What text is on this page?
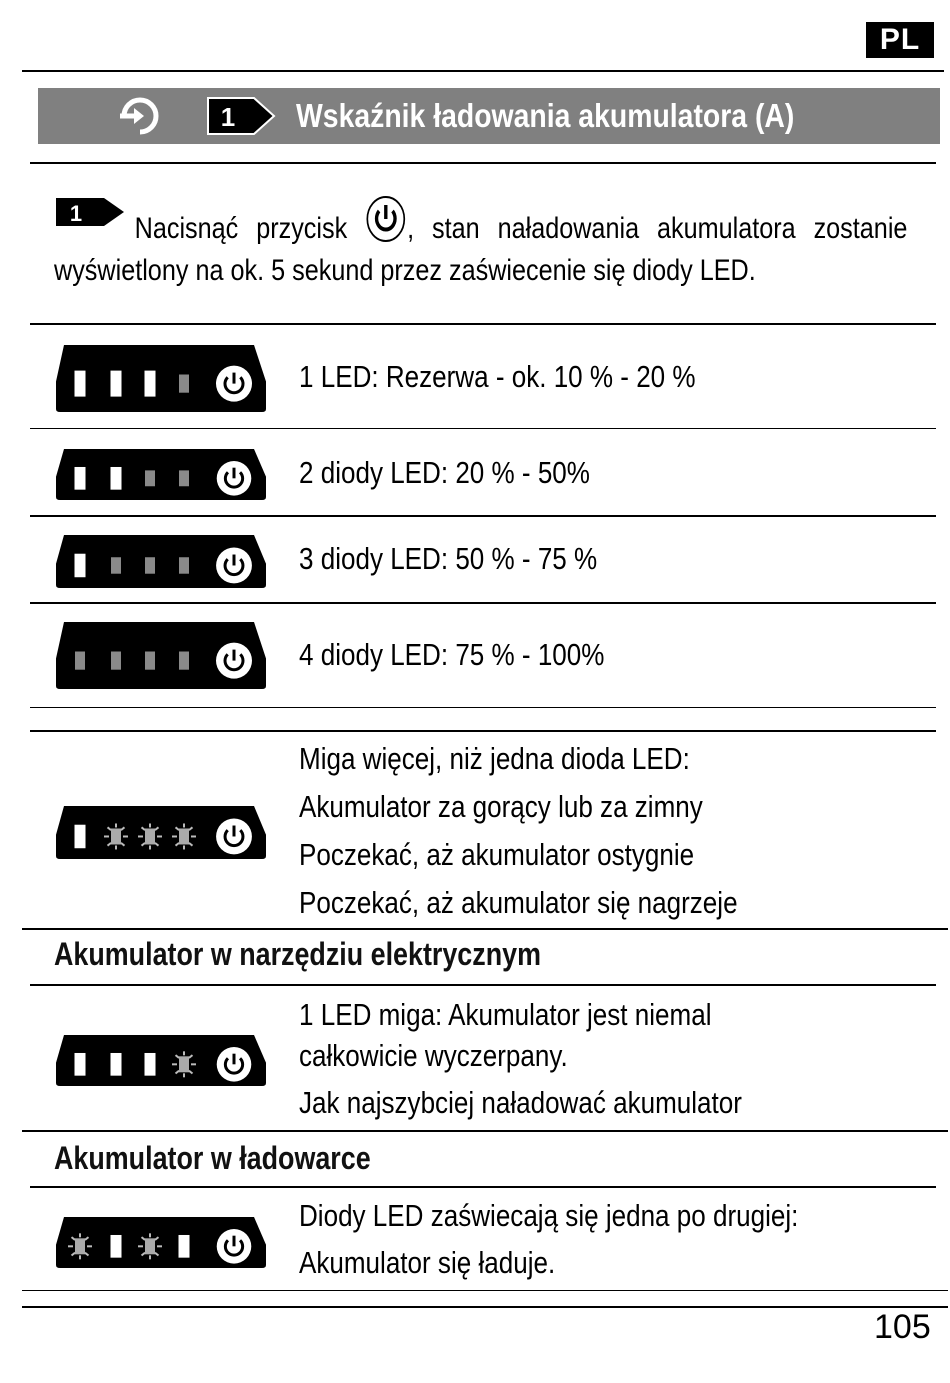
PL
1 Wskaźnik ładowania akumulatora (A)
1	Nacisnąć przycisk , stan naładowania akumulatora zostanie wyświetlony na ok. 5 sekund przez zaświecenie się diody LED.
1 LED: Rezerwa - ok. 10 % - 20 %
2 diody LED: 20 % - 50%
3 diody LED: 50 % - 75 %
4 diody LED: 75 % - 100%
Miga więcej, niż jedna dioda LED:
Akumulator za gorący lub za zimny
Poczekać, aż akumulator ostygnie
Poczekać, aż akumulator się nagrzeje
Akumulator w narzędziu elektrycznym
1 LED miga: Akumulator jest niemal
całkowicie wyczerpany.
Jak najszybciej naładować akumulator
Akumulator w ładowarce
Diody LED zaświecają się jedna po drugiej:
Akumulator się ładuje.
105
